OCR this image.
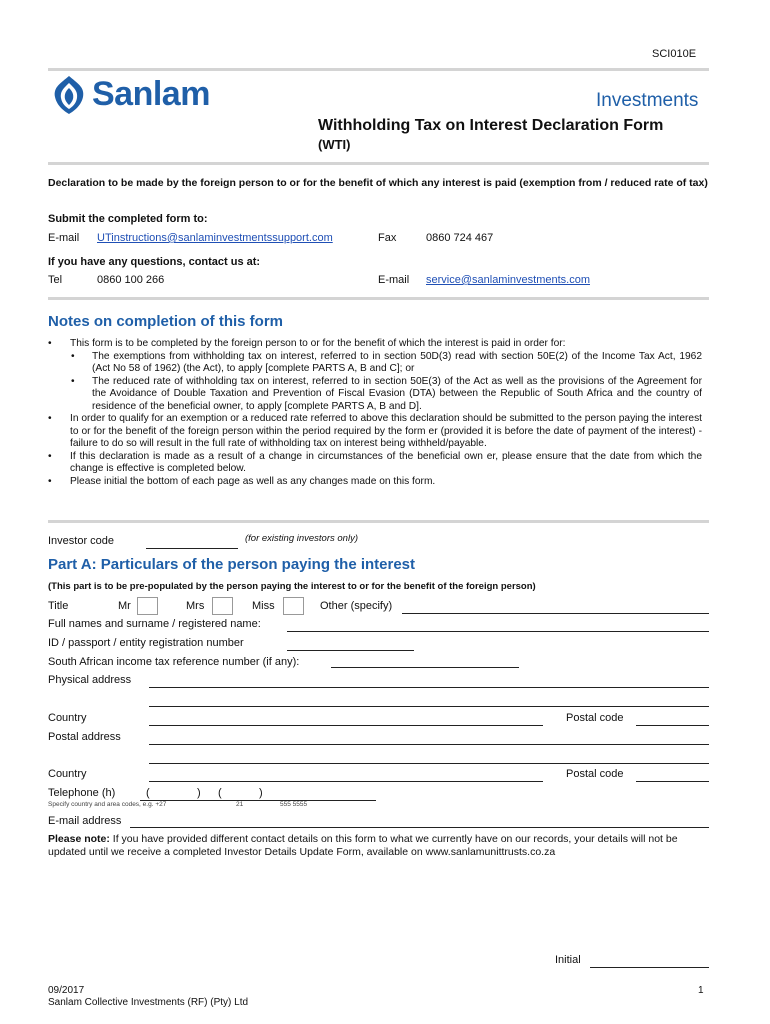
SCI010E
Sanlam	Investments
Withholding Tax on Interest Declaration Form
(WTI)
Declaration to be made by the foreign person to or for the benefit of which any interest is paid (exemption from / reduced rate of tax)
Submit the completed form to:
E-mail UTinstructions@sanlaminvestmentssupport.com	Fax	0860 724 467
If you have any questions, contact us at:
Tel	0860 100 266	E-mail service@sanlaminvestments.com
Notes on completion of this form
• This form is to be completed by the foreign person to or for the benefit of which the interest is paid in order for:
• The exemptions from withholding tax on interest, referred to in section 50D(3) read with section 50E(2) of the Income Tax Act, 1962 (Act No 58 of 1962) (the Act), to apply [complete PARTS A, B and C]; or
• The reduced rate of withholding tax on interest, referred to in section 50E(3) of the Act as well as the provisions of the Agreement for the Avoidance of Double Taxation and Prevention of Fiscal Evasion (DTA) between the Republic of South Africa and the country of residence of the beneficial owner, to apply [complete PARTS A, B and D].
• In order to qualify for an exemption or a reduced rate referred to above this declaration should be submitted to the person paying the interest to or for the benefit of the foreign person within the period required by the form er (provided it is before the date of payment of the interest) - failure to do so will result in the full rate of withholding tax on interest being withheld/payable.
• If this declaration is made as a result of a change in circumstances of the beneficial own er, please ensure that the date from which the change is effective is completed below.
• Please initial the bottom of each page as well as any changes made on this form.
Investor code	(for existing investors only)
Part A: Particulars of the person paying the interest
(This part is to be pre-populated by the person paying the interest to or for the benefit of the foreign person)
Title	Mr	Mrs	Miss	Other (specify)
Full names and surname / registered name:
ID / passport / entity registration number
South African income tax reference number (if any):
Physical address
Country	Postal code
Postal address
Country	Postal code
Telephone (h)	(	) (	)
Specify country and area codes, e.g. +27	21	555 5555
E-mail address
Please note: If you have provided different contact details on this form to what we currently have on our records, your details will not be updated until we receive a completed Investor Details Update Form, available on www.sanlamunittrusts.co.za
Initial
09/2017
Sanlam Collective Investments (RF) (Pty) Ltd
1
